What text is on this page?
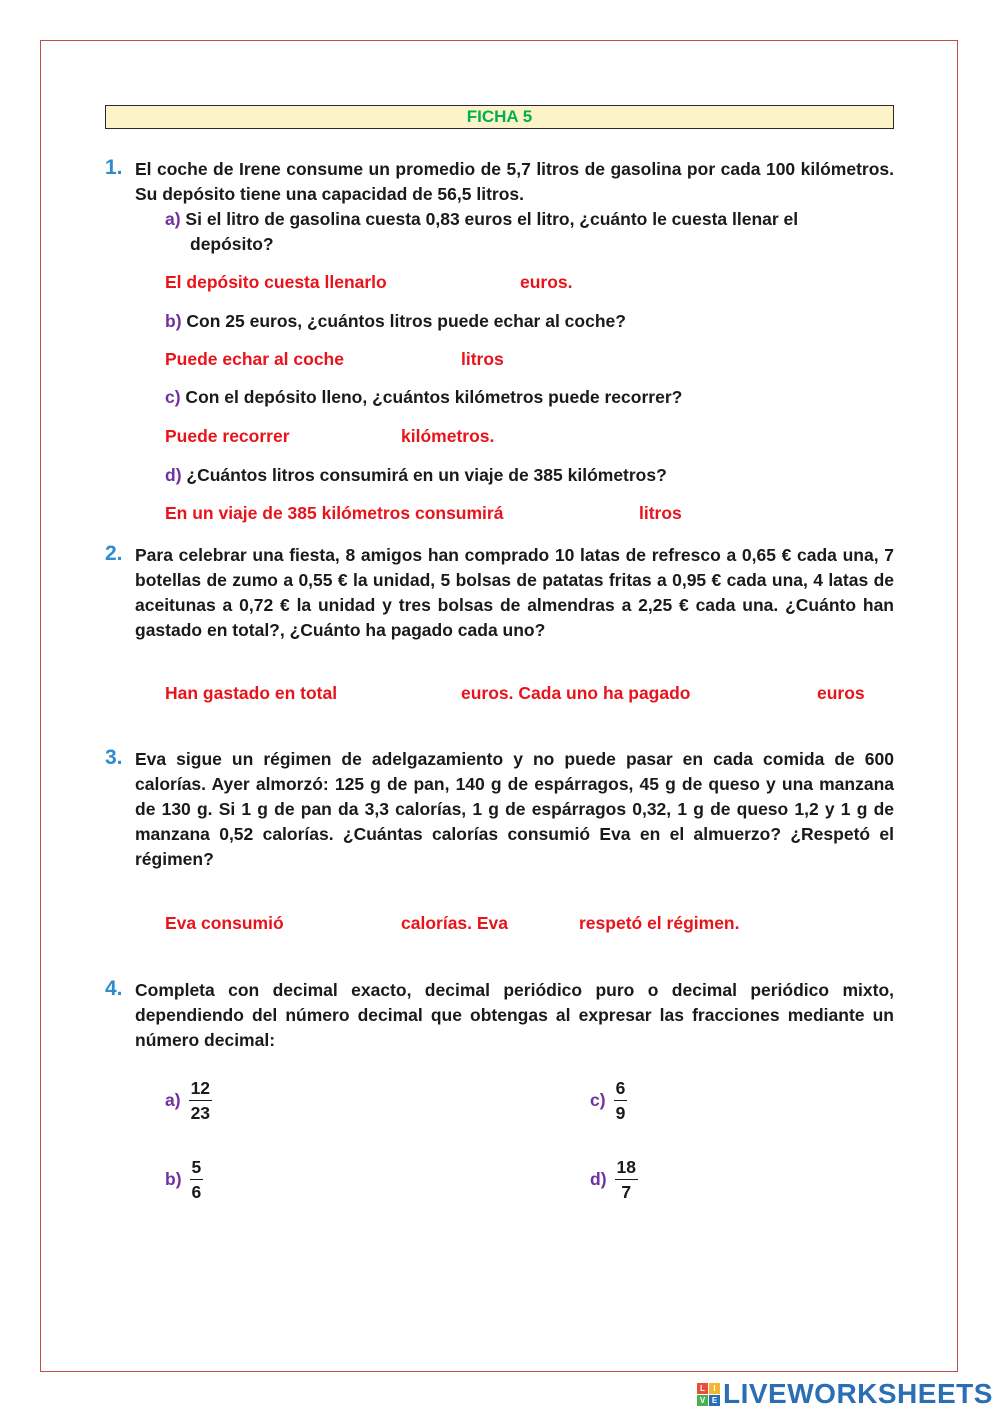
FICHA 5
1. El coche de Irene consume un promedio de 5,7 litros de gasolina por cada 100 kilómetros. Su depósito tiene una capacidad de 56,5 litros.

a) Si el litro de gasolina cuesta 0,83 euros el litro, ¿cuánto le cuesta llenar el
depósito?

El depósito cuesta llenarlo	euros.

b) Con 25 euros, ¿cuántos litros puede echar al coche?

Puede echar al coche	litros

c) Con el depósito lleno, ¿cuántos kilómetros puede recorrer?

Puede recorrer	kilómetros.

d) ¿Cuántos litros consumirá en un viaje de 385 kilómetros?

En un viaje de 385 kilómetros consumirá	litros
2. Para celebrar una fiesta, 8 amigos han comprado 10 latas de refresco a 0,65 € cada una, 7 botellas de zumo a 0,55 € la unidad, 5 bolsas de patatas fritas a 0,95 € cada una, 4 latas de aceitunas a 0,72 € la unidad y tres bolsas de almendras a 2,25 € cada una. ¿Cuánto han gastado en total?, ¿Cuánto ha pagado cada uno?

Han gastado en total	euros. Cada uno ha pagado	euros
3. Eva sigue un régimen de adelgazamiento y no puede pasar en cada comida de 600 calorías. Ayer almorzó: 125 g de pan, 140 g de espárragos, 45 g de queso y una manzana de 130 g. Si 1 g de pan da 3,3 calorías, 1 g de espárragos 0,32, 1 g de queso 1,2 y 1 g de manzana 0,52 calorías. ¿Cuántas calorías consumió Eva en el almuerzo? ¿Respetó el régimen?

Eva consumió	calorías. Eva	respetó el régimen.
4. Completa con decimal exacto, decimal periódico puro o decimal periódico mixto, dependiendo del número decimal que obtengas al expresar las fracciones mediante un número decimal:

$a) \frac{12}{23}$	$c) \frac{6}{9}$
$b) \frac{5}{6}$	$d) \frac{18}{7}$
L	I
V E LIVEWORKSHEETS
